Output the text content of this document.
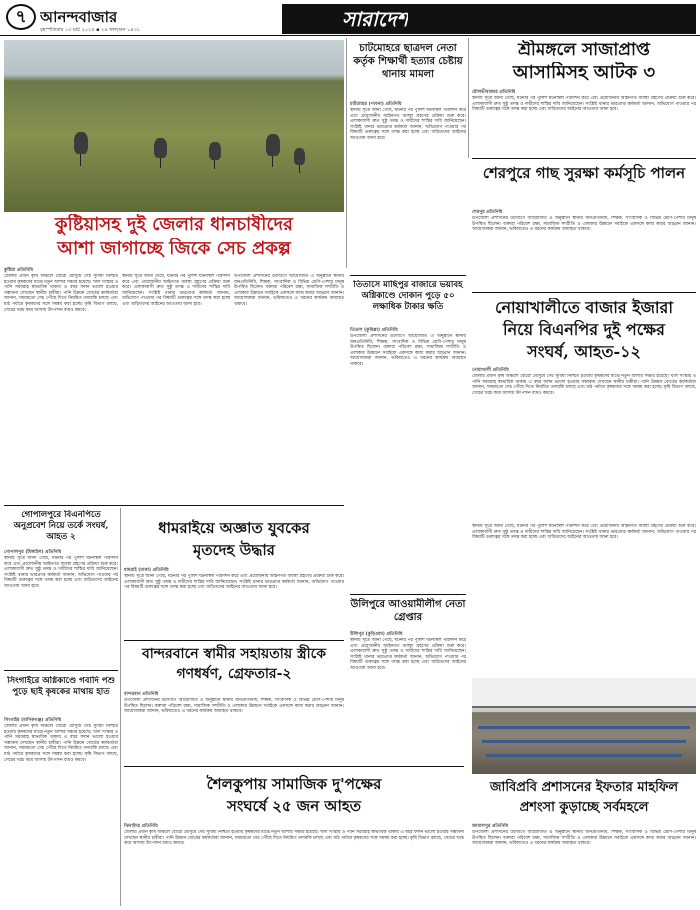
৭ আনন্দবাজার
বৃহস্পতিবার ১৩ মার্চ ২০২৫ ▪ ২৯ ফাল্গুন ১৪৩১	সারাদেশ
কুষ্টিয়াসহ দুই জেলার ধানচাষীদের
আশা জাগাচ্ছে জিকে সেচ প্রকল্প
কুষ্টিয়া প্রতিনিধি
জেলার প্রধান কৃষি অঞ্চলে বোরো মৌসুমে সেচ সুবিধা নিশ্চিত হওয়ায় কৃষকদের মাঝে নতুন আশার সঞ্চার হয়েছে। খাল সংস্কার ও পানি সরবরাহ স্বাভাবিক থাকায় এ বছর ফলন ভালো হওয়ার সম্ভাবনা দেখছেন স্থানীয় চাষীরা। পানি উন্নয়ন বোর্ডের কর্মকর্তারা জানান, সময়মতো সেচ পৌঁছে দিতে নিয়মিত তদারকি চলছে এবং মাঠ পর্যায়ে কৃষকদের সঙ্গে সমন্বয় করা হচ্ছে। কৃষি বিভাগ বলছে, সেচের খরচ কমে আসায় উৎপাদন ব্যয়ও কমবে।
স্থানীয় সূত্রে জানা গেছে, ঘটনার পর পুলিশ ঘটনাস্থল পরিদর্শন করে এবং প্রয়োজনীয় আইনগত ব্যবস্থা গ্রহণের প্রক্রিয়া শুরু করে। এলাকাবাসী দ্রুত সুষ্ঠু তদন্ত ও দায়ীদের শাস্তির দাবি জানিয়েছেন। সংশ্লিষ্ট থানার ভারপ্রাপ্ত কর্মকর্তা জানান, অভিযোগ পাওয়ার পর বিষয়টি গুরুত্বের সঙ্গে তদন্ত করা হচ্ছে এবং জড়িতদের আইনের আওতায় আনা হবে।
উপজেলা প্রশাসনের উদ্যোগে আয়োজিত এ অনুষ্ঠানে স্থানীয় জনপ্রতিনিধি, শিক্ষক, সাংবাদিক ও বিভিন্ন শ্রেণি-পেশার মানুষ উপস্থিত ছিলেন। বক্তারা পরিবেশ রক্ষা, সামাজিক সম্প্রীতি ও এলাকার উন্নয়নে সবাইকে একসঙ্গে কাজ করার আহ্বান জানান। আয়োজকরা জানান, ভবিষ্যতেও এ ধরনের কার্যক্রম অব্যাহত থাকবে।
চাটমোহরে ছাত্রদল নেতা কর্তৃক শিক্ষার্থী হত্যার চেষ্টায় থানায় মামলা
চাটমোহর (পাবনা) প্রতিনিধি
স্থানীয় সূত্রে জানা গেছে, ঘটনার পর পুলিশ ঘটনাস্থল পরিদর্শন করে এবং প্রয়োজনীয় আইনগত ব্যবস্থা গ্রহণের প্রক্রিয়া শুরু করে। এলাকাবাসী দ্রুত সুষ্ঠু তদন্ত ও দায়ীদের শাস্তির দাবি জানিয়েছেন। সংশ্লিষ্ট থানার ভারপ্রাপ্ত কর্মকর্তা জানান, অভিযোগ পাওয়ার পর বিষয়টি গুরুত্বের সঙ্গে তদন্ত করা হচ্ছে এবং জড়িতদের আইনের আওতায় আনা হবে।
শ্রীমঙ্গলে সাজাপ্রাপ্ত
আসামিসহ আটক ৩
মৌলভীবাজার প্রতিনিধি
স্থানীয় সূত্রে জানা গেছে, ঘটনার পর পুলিশ ঘটনাস্থল পরিদর্শন করে এবং প্রয়োজনীয় আইনগত ব্যবস্থা গ্রহণের প্রক্রিয়া শুরু করে। এলাকাবাসী দ্রুত সুষ্ঠু তদন্ত ও দায়ীদের শাস্তির দাবি জানিয়েছেন। সংশ্লিষ্ট থানার ভারপ্রাপ্ত কর্মকর্তা জানান, অভিযোগ পাওয়ার পর বিষয়টি গুরুত্বের সঙ্গে তদন্ত করা হচ্ছে এবং জড়িতদের আইনের আওতায় আনা হবে।
শেরপুরে গাছ সুরক্ষা কর্মসূচি পালন
শেরপুর প্রতিনিধি
উপজেলা প্রশাসনের উদ্যোগে আয়োজিত এ অনুষ্ঠানে স্থানীয় জনপ্রতিনিধি, শিক্ষক, সাংবাদিক ও বিভিন্ন শ্রেণি-পেশার মানুষ উপস্থিত ছিলেন। বক্তারা পরিবেশ রক্ষা, সামাজিক সম্প্রীতি ও এলাকার উন্নয়নে সবাইকে একসঙ্গে কাজ করার আহ্বান জানান। আয়োজকরা জানান, ভবিষ্যতেও এ ধরনের কার্যক্রম অব্যাহত থাকবে।
নোয়াখালীতে বাজার ইজারা
নিয়ে বিএনপির দুই পক্ষের
সংঘর্ষ, আহত-১২
নোয়াখালী প্রতিনিধি
জেলার প্রধান কৃষি অঞ্চলে বোরো মৌসুমে সেচ সুবিধা নিশ্চিত হওয়ায় কৃষকদের মাঝে নতুন আশার সঞ্চার হয়েছে। খাল সংস্কার ও পানি সরবরাহ স্বাভাবিক থাকায় এ বছর ফলন ভালো হওয়ার সম্ভাবনা দেখছেন স্থানীয় চাষীরা। পানি উন্নয়ন বোর্ডের কর্মকর্তারা জানান, সময়মতো সেচ পৌঁছে দিতে নিয়মিত তদারকি চলছে এবং মাঠ পর্যায়ে কৃষকদের সঙ্গে সমন্বয় করা হচ্ছে। কৃষি বিভাগ বলছে, সেচের খরচ কমে আসায় উৎপাদন ব্যয়ও কমবে।
স্থানীয় সূত্রে জানা গেছে, ঘটনার পর পুলিশ ঘটনাস্থল পরিদর্শন করে এবং প্রয়োজনীয় আইনগত ব্যবস্থা গ্রহণের প্রক্রিয়া শুরু করে। এলাকাবাসী দ্রুত সুষ্ঠু তদন্ত ও দায়ীদের শাস্তির দাবি জানিয়েছেন। সংশ্লিষ্ট থানার ভারপ্রাপ্ত কর্মকর্তা জানান, অভিযোগ পাওয়ার পর বিষয়টি গুরুত্বের সঙ্গে তদন্ত করা হচ্ছে এবং জড়িতদের আইনের আওতায় আনা হবে।
তিতাসে মাছিপুর বাজারে ভয়াবহ অগ্নিকাণ্ডে দোকান পুড়ে ৫০ লক্ষাধিক টাকার ক্ষতি
তিতাস (কুমিল্লা) প্রতিনিধি
উপজেলা প্রশাসনের উদ্যোগে আয়োজিত এ অনুষ্ঠানে স্থানীয় জনপ্রতিনিধি, শিক্ষক, সাংবাদিক ও বিভিন্ন শ্রেণি-পেশার মানুষ উপস্থিত ছিলেন। বক্তারা পরিবেশ রক্ষা, সামাজিক সম্প্রীতি ও এলাকার উন্নয়নে সবাইকে একসঙ্গে কাজ করার আহ্বান জানান। আয়োজকরা জানান, ভবিষ্যতেও এ ধরনের কার্যক্রম অব্যাহত থাকবে।
গোপালপুরে বিএনপিতে অনুপ্রবেশ নিয়ে তর্কে সংঘর্ষ, আহত ২
গোপালপুর (টাঙ্গাইল) প্রতিনিধি
স্থানীয় সূত্রে জানা গেছে, ঘটনার পর পুলিশ ঘটনাস্থল পরিদর্শন করে এবং প্রয়োজনীয় আইনগত ব্যবস্থা গ্রহণের প্রক্রিয়া শুরু করে। এলাকাবাসী দ্রুত সুষ্ঠু তদন্ত ও দায়ীদের শাস্তির দাবি জানিয়েছেন। সংশ্লিষ্ট থানার ভারপ্রাপ্ত কর্মকর্তা জানান, অভিযোগ পাওয়ার পর বিষয়টি গুরুত্বের সঙ্গে তদন্ত করা হচ্ছে এবং জড়িতদের আইনের আওতায় আনা হবে।
সিংগাইরে অগ্নিকাণ্ডে গবাদি পশু পুড়ে ছাই কৃষকের মাথায় হাত
সিংগাইর (মানিকগঞ্জ) প্রতিনিধি
জেলার প্রধান কৃষি অঞ্চলে বোরো মৌসুমে সেচ সুবিধা নিশ্চিত হওয়ায় কৃষকদের মাঝে নতুন আশার সঞ্চার হয়েছে। খাল সংস্কার ও পানি সরবরাহ স্বাভাবিক থাকায় এ বছর ফলন ভালো হওয়ার সম্ভাবনা দেখছেন স্থানীয় চাষীরা। পানি উন্নয়ন বোর্ডের কর্মকর্তারা জানান, সময়মতো সেচ পৌঁছে দিতে নিয়মিত তদারকি চলছে এবং মাঠ পর্যায়ে কৃষকদের সঙ্গে সমন্বয় করা হচ্ছে। কৃষি বিভাগ বলছে, সেচের খরচ কমে আসায় উৎপাদন ব্যয়ও কমবে।
ধামরাইয়ে অজ্ঞাত যুবকের
মৃতদেহ উদ্ধার
ধামরাই (ঢাকা) প্রতিনিধি
স্থানীয় সূত্রে জানা গেছে, ঘটনার পর পুলিশ ঘটনাস্থল পরিদর্শন করে এবং প্রয়োজনীয় আইনগত ব্যবস্থা গ্রহণের প্রক্রিয়া শুরু করে। এলাকাবাসী দ্রুত সুষ্ঠু তদন্ত ও দায়ীদের শাস্তির দাবি জানিয়েছেন। সংশ্লিষ্ট থানার ভারপ্রাপ্ত কর্মকর্তা জানান, অভিযোগ পাওয়ার পর বিষয়টি গুরুত্বের সঙ্গে তদন্ত করা হচ্ছে এবং জড়িতদের আইনের আওতায় আনা হবে।
বান্দরবানে স্বামীর সহায়তায় স্ত্রীকে গণধর্ষণ, গ্রেফতার-২
বান্দরবান প্রতিনিধি
উপজেলা প্রশাসনের উদ্যোগে আয়োজিত এ অনুষ্ঠানে স্থানীয় জনপ্রতিনিধি, শিক্ষক, সাংবাদিক ও বিভিন্ন শ্রেণি-পেশার মানুষ উপস্থিত ছিলেন। বক্তারা পরিবেশ রক্ষা, সামাজিক সম্প্রীতি ও এলাকার উন্নয়নে সবাইকে একসঙ্গে কাজ করার আহ্বান জানান। আয়োজকরা জানান, ভবিষ্যতেও এ ধরনের কার্যক্রম অব্যাহত থাকবে।
শৈলকুপায় সামাজিক দু'পক্ষের
সংঘর্ষে ২৫ জন আহত
ঝিনাইদহ প্রতিনিধি
জেলার প্রধান কৃষি অঞ্চলে বোরো মৌসুমে সেচ সুবিধা নিশ্চিত হওয়ায় কৃষকদের মাঝে নতুন আশার সঞ্চার হয়েছে। খাল সংস্কার ও পানি সরবরাহ স্বাভাবিক থাকায় এ বছর ফলন ভালো হওয়ার সম্ভাবনা দেখছেন স্থানীয় চাষীরা। পানি উন্নয়ন বোর্ডের কর্মকর্তারা জানান, সময়মতো সেচ পৌঁছে দিতে নিয়মিত তদারকি চলছে এবং মাঠ পর্যায়ে কৃষকদের সঙ্গে সমন্বয় করা হচ্ছে। কৃষি বিভাগ বলছে, সেচের খরচ কমে আসায় উৎপাদন ব্যয়ও কমবে।
উলিপুরে আওয়ামীলীগ নেতা গ্রেপ্তার
উলিপুর (কুড়িগ্রাম) প্রতিনিধি
স্থানীয় সূত্রে জানা গেছে, ঘটনার পর পুলিশ ঘটনাস্থল পরিদর্শন করে এবং প্রয়োজনীয় আইনগত ব্যবস্থা গ্রহণের প্রক্রিয়া শুরু করে। এলাকাবাসী দ্রুত সুষ্ঠু তদন্ত ও দায়ীদের শাস্তির দাবি জানিয়েছেন। সংশ্লিষ্ট থানার ভারপ্রাপ্ত কর্মকর্তা জানান, অভিযোগ পাওয়ার পর বিষয়টি গুরুত্বের সঙ্গে তদন্ত করা হচ্ছে এবং জড়িতদের আইনের আওতায় আনা হবে।
জাবিপ্রবি প্রশাসনের ইফতার মাহফিল
প্রশংসা কুড়াচ্ছে সর্বমহলে
জামালপুর প্রতিনিধি
উপজেলা প্রশাসনের উদ্যোগে আয়োজিত এ অনুষ্ঠানে স্থানীয় জনপ্রতিনিধি, শিক্ষক, সাংবাদিক ও বিভিন্ন শ্রেণি-পেশার মানুষ উপস্থিত ছিলেন। বক্তারা পরিবেশ রক্ষা, সামাজিক সম্প্রীতি ও এলাকার উন্নয়নে সবাইকে একসঙ্গে কাজ করার আহ্বান জানান। আয়োজকরা জানান, ভবিষ্যতেও এ ধরনের কার্যক্রম অব্যাহত থাকবে।
